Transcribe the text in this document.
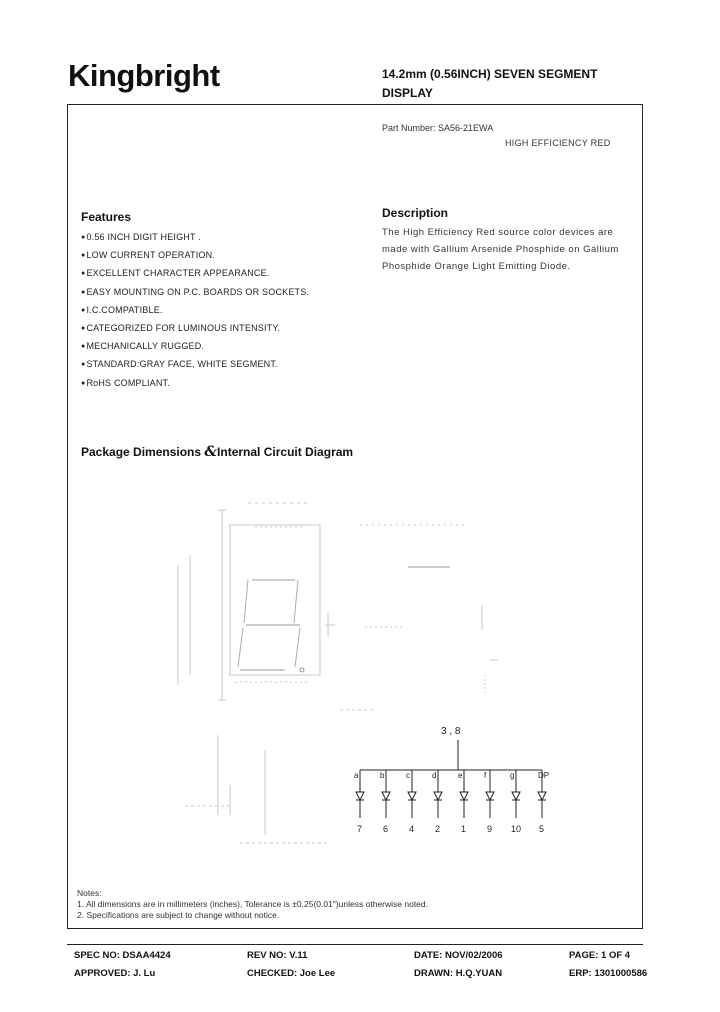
Kingbright	14.2mm (0.56INCH) SEVEN SEGMENT
DISPLAY
Part Number: SA56-21EWA
HIGH EFFICIENCY RED
Features
● 0.56 INCH DIGIT HEIGHT .
● LOW CURRENT OPERATION.
● EXCELLENT CHARACTER APPEARANCE.
● EASY MOUNTING ON P.C. BOARDS OR SOCKETS.
● I.C.COMPATIBLE.
● CATEGORIZED FOR LUMINOUS INTENSITY.
● MECHANICALLY RUGGED.
● STANDARD:GRAY FACE, WHITE SEGMENT.
● RoHS COMPLIANT.
Description
The High Efficiency Red source color devices are
made with Gallium Arsenide Phosphide on Gallium
Phosphide Orange Light Emitting Diode.
Package Dimensions &Internal Circuit Diagram
3 , 8
a
7
b
6
c
4
d
2
e
1
f
9
g
10
DP
5
Notes:
1. All dimensions are in millimeters (inches), Tolerance is ±0.25(0.01")unless otherwise noted.
2. Specifications are subject to change without notice.
SPEC NO: DSAA4424	REV NO: V.11	DATE: NOV/02/2006	PAGE: 1 OF 4
APPROVED: J. Lu	CHECKED: Joe Lee	DRAWN: H.Q.YUAN	ERP: 1301000586
